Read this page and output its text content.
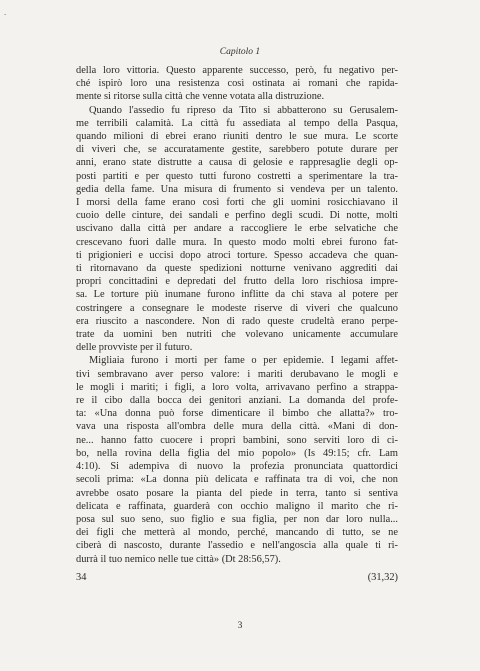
-
Capitolo 1
della loro vittoria. Questo apparente successo, però, fu negativo per-
ché ispirò loro una resistenza così ostinata ai romani che rapida-
mente si ritorse sulla città che venne votata alla distruzione.
Quando l'assedio fu ripreso da Tito si abbatterono su Gerusalem-
me terribili calamità. La città fu assediata al tempo della Pasqua,
quando milioni di ebrei erano riuniti dentro le sue mura. Le scorte
di viveri che, se accuratamente gestite, sarebbero potute durare per
anni, erano state distrutte a causa di gelosie e rappresaglie degli op-
posti partiti e per questo tutti furono costretti a sperimentare la tra-
gedia della fame. Una misura di frumento si vendeva per un talento.
I morsi della fame erano così forti che gli uomini rosicchiavano il
cuoio delle cinture, dei sandali e perfino degli scudi. Di notte, molti
uscivano dalla città per andare a raccogliere le erbe selvatiche che
crescevano fuori dalle mura. In questo modo molti ebrei furono fat-
ti prigionieri e uccisi dopo atroci torture. Spesso accadeva che quan-
ti ritornavano da queste spedizioni notturne venivano aggrediti dai
propri concittadini e depredati del frutto della loro rischiosa impre-
sa. Le torture più inumane furono inflitte da chi stava al potere per
costringere a consegnare le modeste riserve di viveri che qualcuno
era riuscito a nascondere. Non di rado queste crudeltà erano perpe-
trate da uomini ben nutriti che volevano unicamente accumulare
delle provviste per il futuro.
Migliaia furono i morti per fame o per epidemie. I legami affet-
tivi sembravano aver perso valore: i mariti derubavano le mogli e
le mogli i mariti; i figli, a loro volta, arrivavano perfino a strappa-
re il cibo dalla bocca dei genitori anziani. La domanda del profe-
ta: «Una donna può forse dimenticare il bimbo che allatta?» tro-
vava una risposta all'ombra delle mura della città. «Mani di don-
ne... hanno fatto cuocere i propri bambini, sono serviti loro di ci-
bo, nella rovina della figlia del mio popolo» (Is 49:15; cfr. Lam
4:10). Si adempiva di nuovo la profezia pronunciata quattordici
secoli prima: «La donna più delicata e raffinata tra di voi, che non
avrebbe osato posare la pianta del piede in terra, tanto si sentiva
delicata e raffinata, guarderà con occhio maligno il marito che ri-
posa sul suo seno, suo figlio e sua figlia, per non dar loro nulla...
dei figli che metterà al mondo, perché, mancando di tutto, se ne
ciberà di nascosto, durante l'assedio e nell'angoscia alla quale ti ri-
durrà il tuo nemico nelle tue città» (Dt 28:56,57).
34	(31,32)
3
